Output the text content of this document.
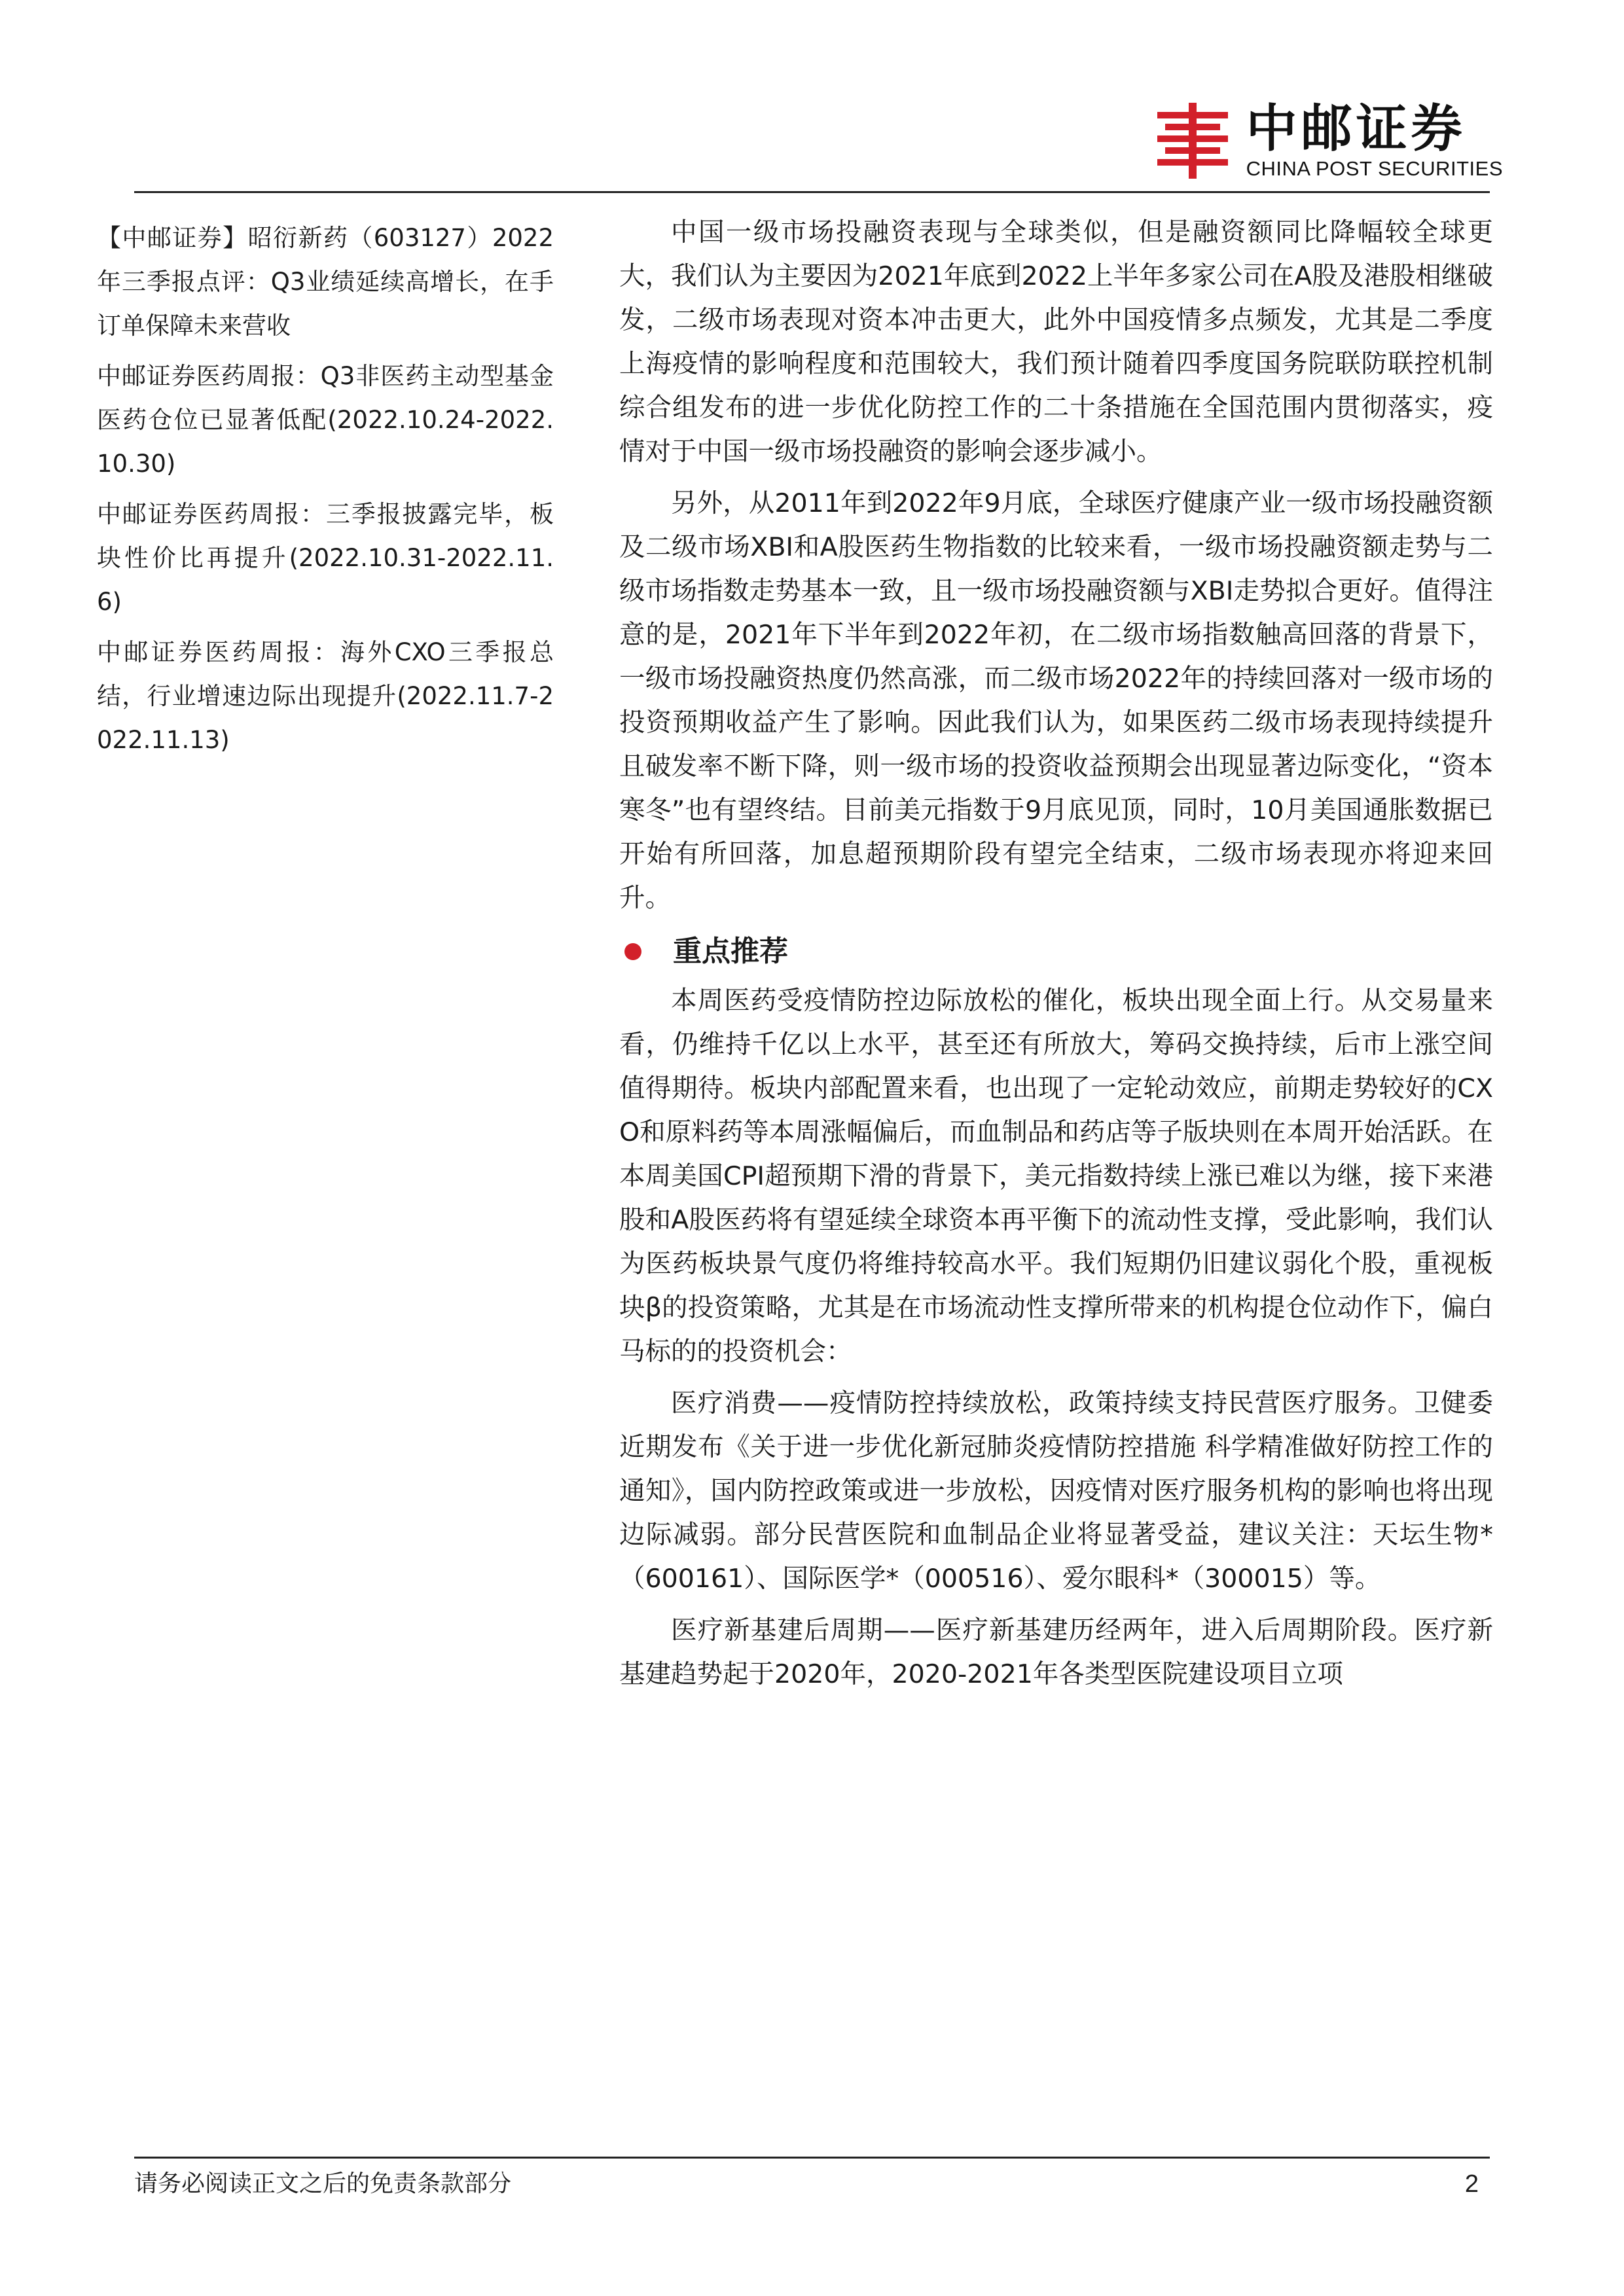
中邮证券
CHINA POST SECURITIES
【中邮证券】昭衍新药（603127）2022年三季报点评：Q3业绩延续高增长，在手订单保障未来营收
中邮证券医药周报：Q3非医药主动型基金医药仓位已显著低配(2022.10.24-2022.10.30)
中邮证券医药周报：三季报披露完毕，板块性价比再提升(2022.10.31-2022.11.6)
中邮证券医药周报：海外CXO三季报总结，行业增速边际出现提升(2022.11.7-2022.11.13)

中国一级市场投融资表现与全球类似，但是融资额同比降幅较全球更大，我们认为主要因为2021年底到2022上半年多家公司在A股及港股相继破发，二级市场表现对资本冲击更大，此外中国疫情多点频发，尤其是二季度上海疫情的影响程度和范围较大，我们预计随着四季度国务院联防联控机制综合组发布的进一步优化防控工作的二十条措施在全国范围内贯彻落实，疫情对于中国一级市场投融资的影响会逐步减小。

另外，从2011年到2022年9月底，全球医疗健康产业一级市场投融资额及二级市场XBI和A股医药生物指数的比较来看，一级市场投融资额走势与二级市场指数走势基本一致，且一级市场投融资额与XBI走势拟合更好。值得注意的是，2021年下半年到2022年初，在二级市场指数触高回落的背景下，一级市场投融资热度仍然高涨，而二级市场2022年的持续回落对一级市场的投资预期收益产生了影响。因此我们认为，如果医药二级市场表现持续提升且破发率不断下降，则一级市场的投资收益预期会出现显著边际变化，“资本寒冬”也有望终结。目前美元指数于9月底见顶，同时，10月美国通胀数据已开始有所回落，加息超预期阶段有望完全结束，二级市场表现亦将迎来回升。

重点推荐

本周医药受疫情防控边际放松的催化，板块出现全面上行。从交易量来看，仍维持千亿以上水平，甚至还有所放大，筹码交换持续，后市上涨空间值得期待。板块内部配置来看，也出现了一定轮动效应，前期走势较好的CXO和原料药等本周涨幅偏后，而血制品和药店等子版块则在本周开始活跃。在本周美国CPI超预期下滑的背景下，美元指数持续上涨已难以为继，接下来港股和A股医药将有望延续全球资本再平衡下的流动性支撑，受此影响，我们认为医药板块景气度仍将维持较高水平。我们短期仍旧建议弱化个股，重视板块β的投资策略，尤其是在市场流动性支撑所带来的机构提仓位动作下，偏白马标的的投资机会：

医疗消费——疫情防控持续放松，政策持续支持民营医疗服务。卫健委近期发布《关于进一步优化新冠肺炎疫情防控措施 科学精准做好防控工作的通知》，国内防控政策或进一步放松，因疫情对医疗服务机构的影响也将出现边际减弱。部分民营医院和血制品企业将显著受益，建议关注：天坛生物*（600161）、国际医学*（000516）、爱尔眼科*（300015）等。

医疗新基建后周期——医疗新基建历经两年，进入后周期阶段。医疗新基建趋势起于2020年，2020-2021年各类型医院建设项目立项

请务必阅读正文之后的免责条款部分	2
